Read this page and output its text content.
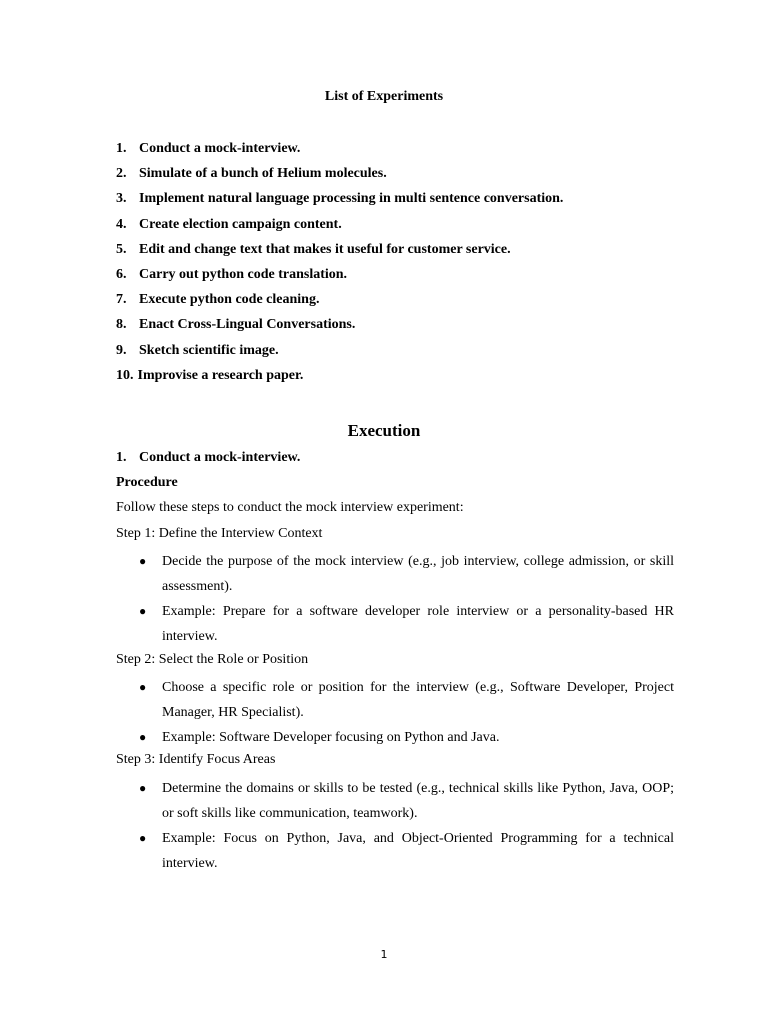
List of Experiments
1. Conduct a mock-interview.
2. Simulate of a bunch of Helium molecules.
3. Implement natural language processing in multi sentence conversation.
4. Create election campaign content.
5. Edit and change text that makes it useful for customer service.
6. Carry out python code translation.
7. Execute python code cleaning.
8. Enact Cross-Lingual Conversations.
9. Sketch scientific image.
10. Improvise a research paper.
Execution
1. Conduct a mock-interview.
Procedure
Follow these steps to conduct the mock interview experiment:
Step 1: Define the Interview Context
● Decide the purpose of the mock interview (e.g., job interview, college admission, or skill assessment).
● Example: Prepare for a software developer role interview or a personality-based HR interview.
Step 2: Select the Role or Position
● Choose a specific role or position for the interview (e.g., Software Developer, Project Manager, HR Specialist).
● Example: Software Developer focusing on Python and Java.
Step 3: Identify Focus Areas
● Determine the domains or skills to be tested (e.g., technical skills like Python, Java, OOP; or soft skills like communication, teamwork).
● Example: Focus on Python, Java, and Object-Oriented Programming for a technical interview.
1
